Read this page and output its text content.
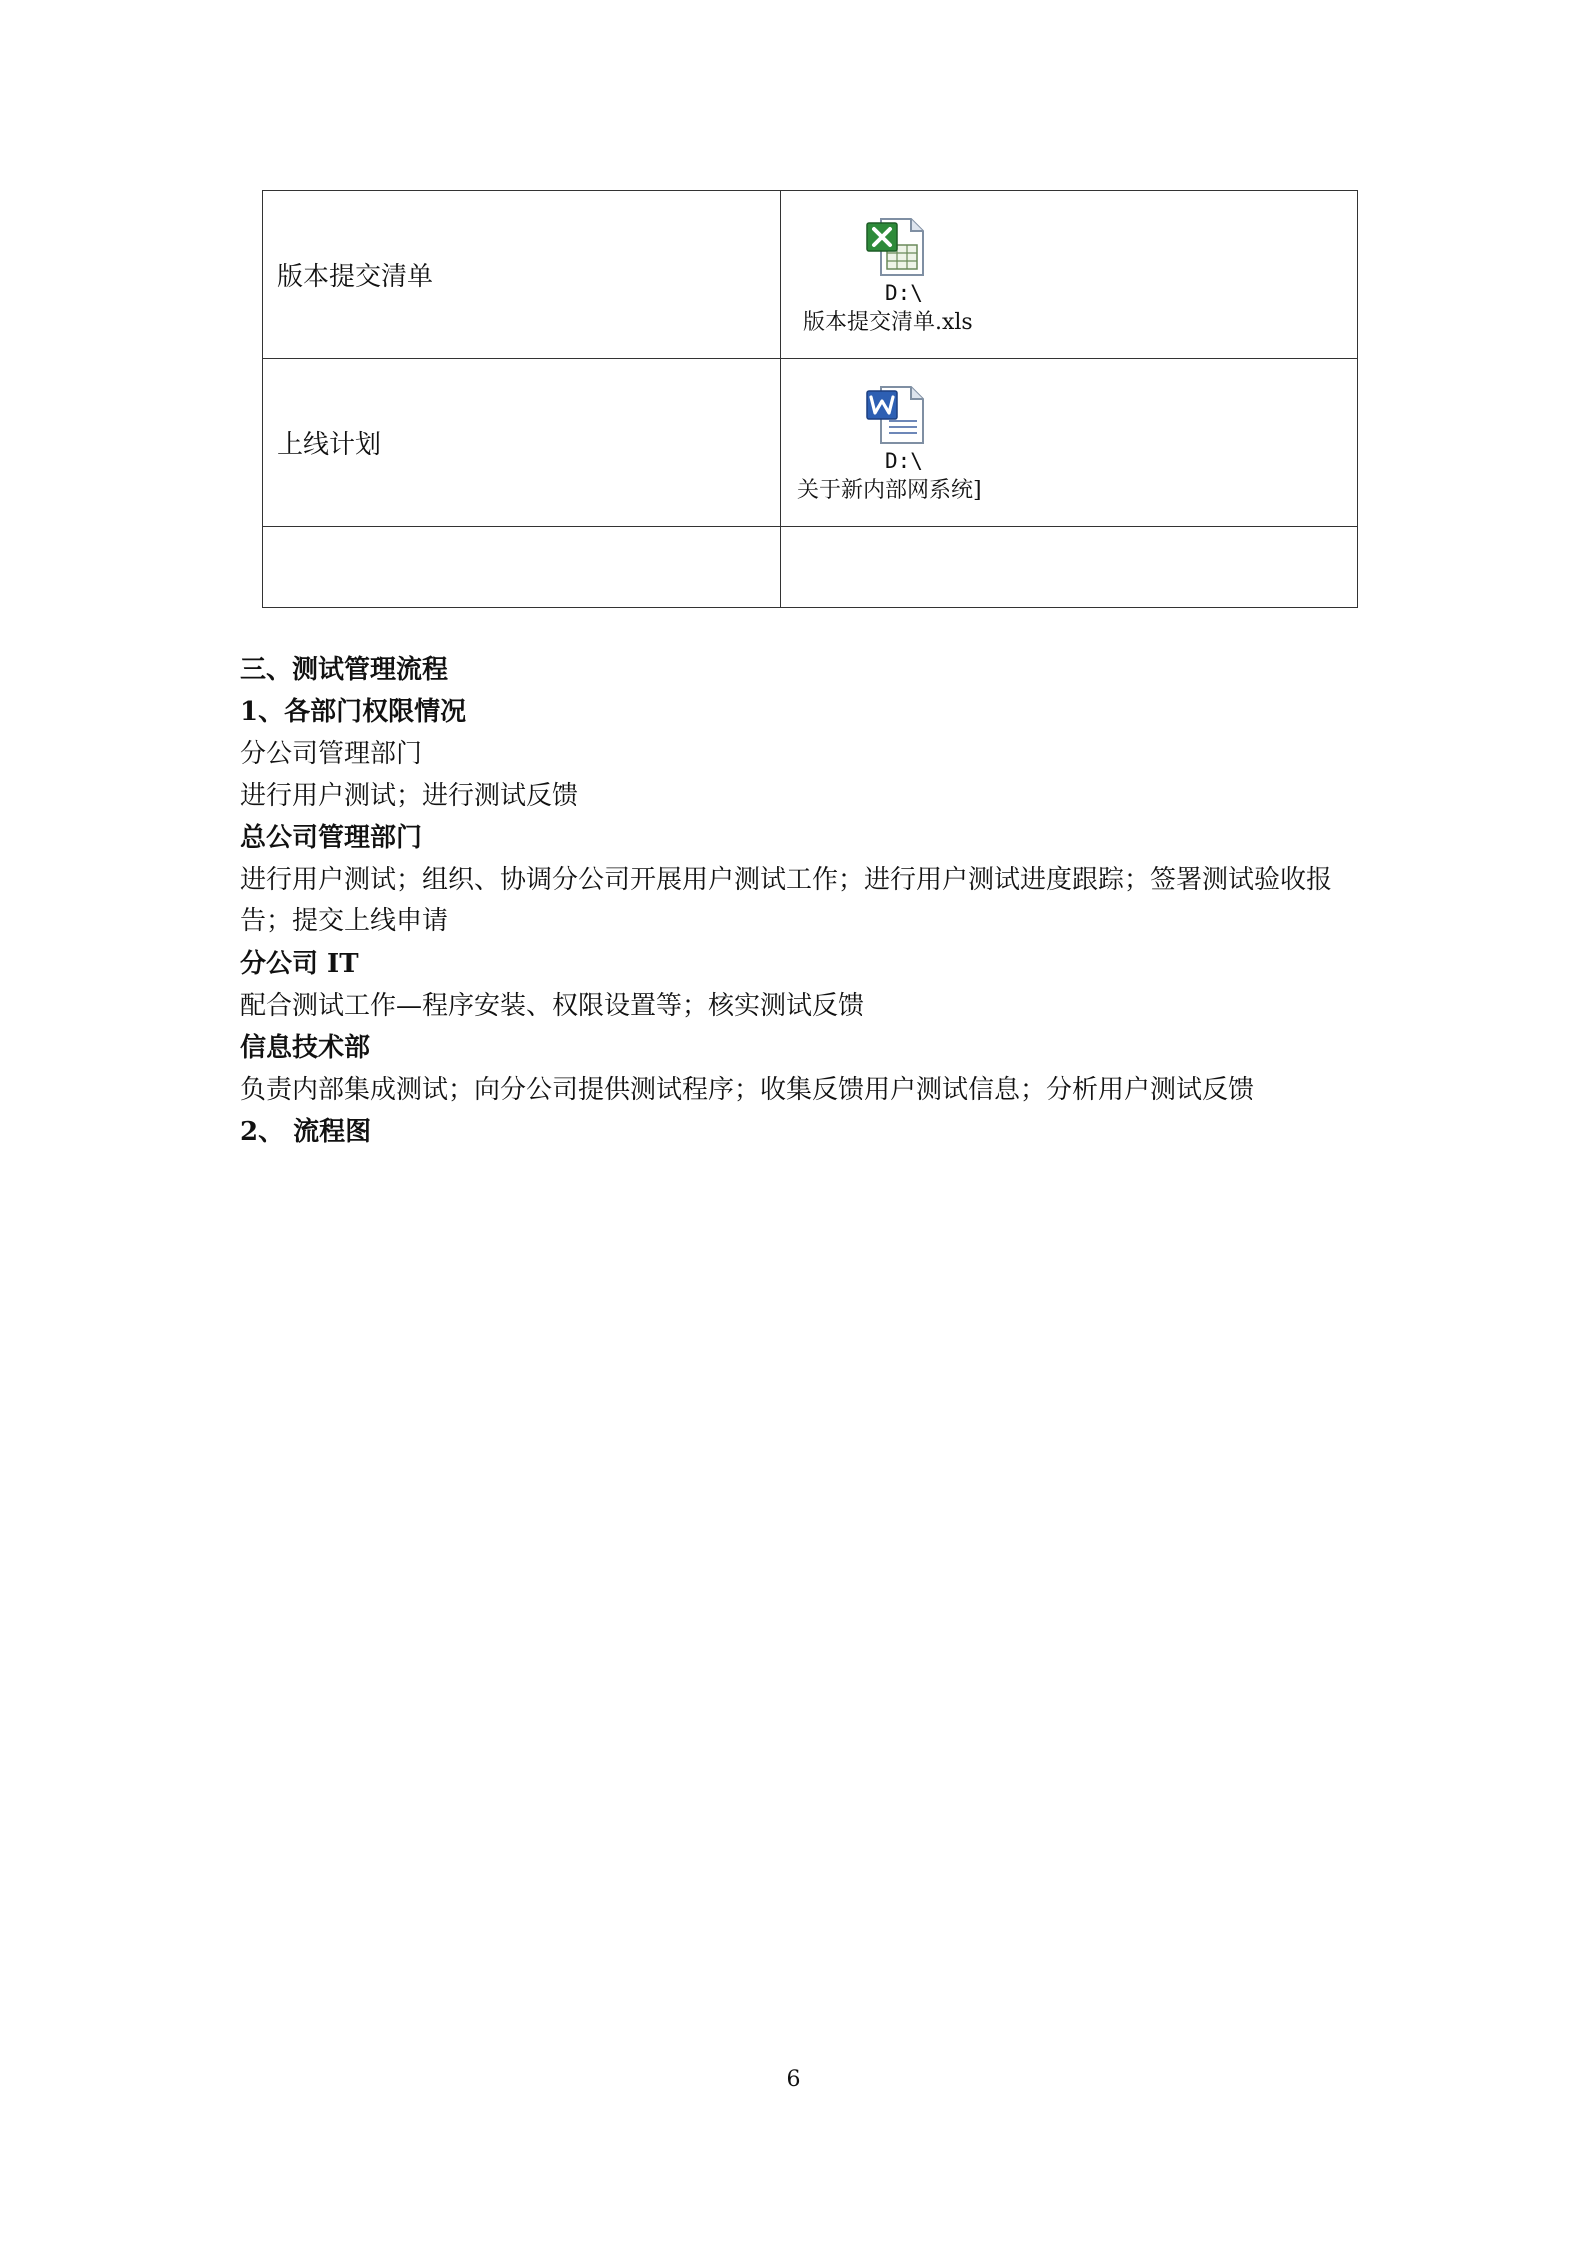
版本提交清单	D:\
版本提交清单.xls

上线计划	D:\
关于新内部网系统]

三、测试管理流程
1、各部门权限情况
分公司管理部门
进行用户测试；进行测试反馈
总公司管理部门
进行用户测试；组织、协调分公司开展用户测试工作；进行用户测试进度跟踪；签署测试验收报告；提交上线申请
分公司 IT
配合测试工作—程序安装、权限设置等；核实测试反馈
信息技术部
负责内部集成测试；向分公司提供测试程序；收集反馈用户测试信息；分析用户测试反馈
2、 流程图
6
